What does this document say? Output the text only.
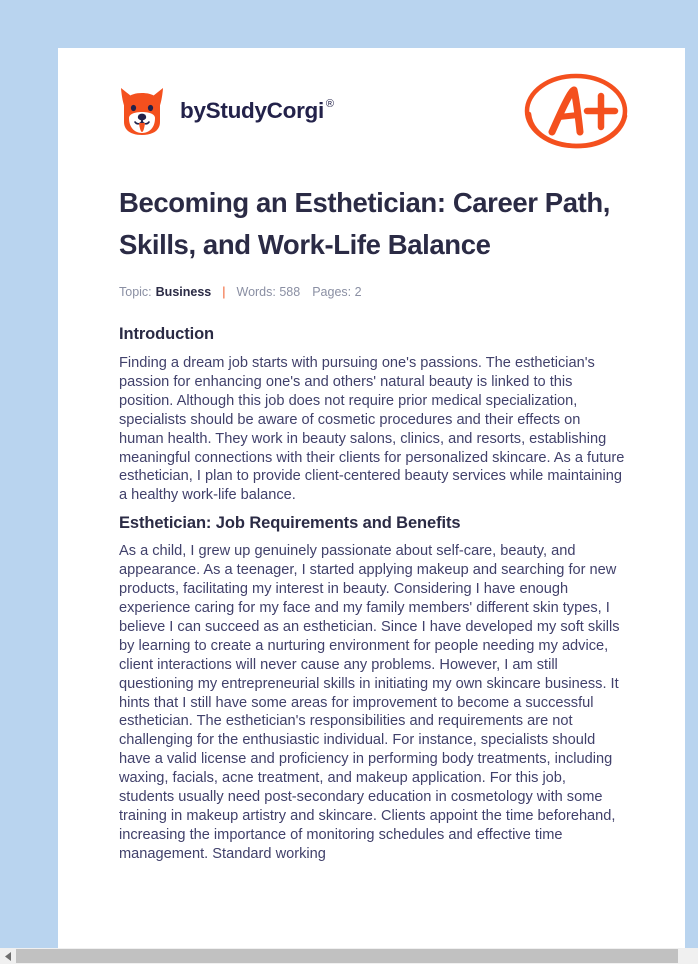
by StudyCorgi ®
Becoming an Esthetician: Career Path, Skills, and Work-Life Balance
Topic: Business | Words: 588 Pages: 2
Introduction

Finding a dream job starts with pursuing one's passions. The esthetician's passion for enhancing one's and others' natural beauty is linked to this position. Although this job does not require prior medical specialization, specialists should be aware of cosmetic procedures and their effects on human health. They work in beauty salons, clinics, and resorts, establishing meaningful connections with their clients for personalized skincare. As a future esthetician, I plan to provide client-centered beauty services while maintaining a healthy work-life balance.

Esthetician: Job Requirements and Benefits

As a child, I grew up genuinely passionate about self-care, beauty, and appearance. As a teenager, I started applying makeup and searching for new products, facilitating my interest in beauty. Considering I have enough experience caring for my face and my family members' different skin types, I believe I can succeed as an esthetician. Since I have developed my soft skills by learning to create a nurturing environment for people needing my advice, client interactions will never cause any problems. However, I am still questioning my entrepreneurial skills in initiating my own skincare business. It hints that I still have some areas for improvement to become a successful esthetician. The esthetician's responsibilities and requirements are not challenging for the enthusiastic individual. For instance, specialists should have a valid license and proficiency in performing body treatments, including waxing, facials, acne treatment, and makeup application. For this job, students usually need post-secondary education in cosmetology with some training in makeup artistry and skincare. Clients appoint the time beforehand, increasing the importance of monitoring schedules and effective time management. Standard working
